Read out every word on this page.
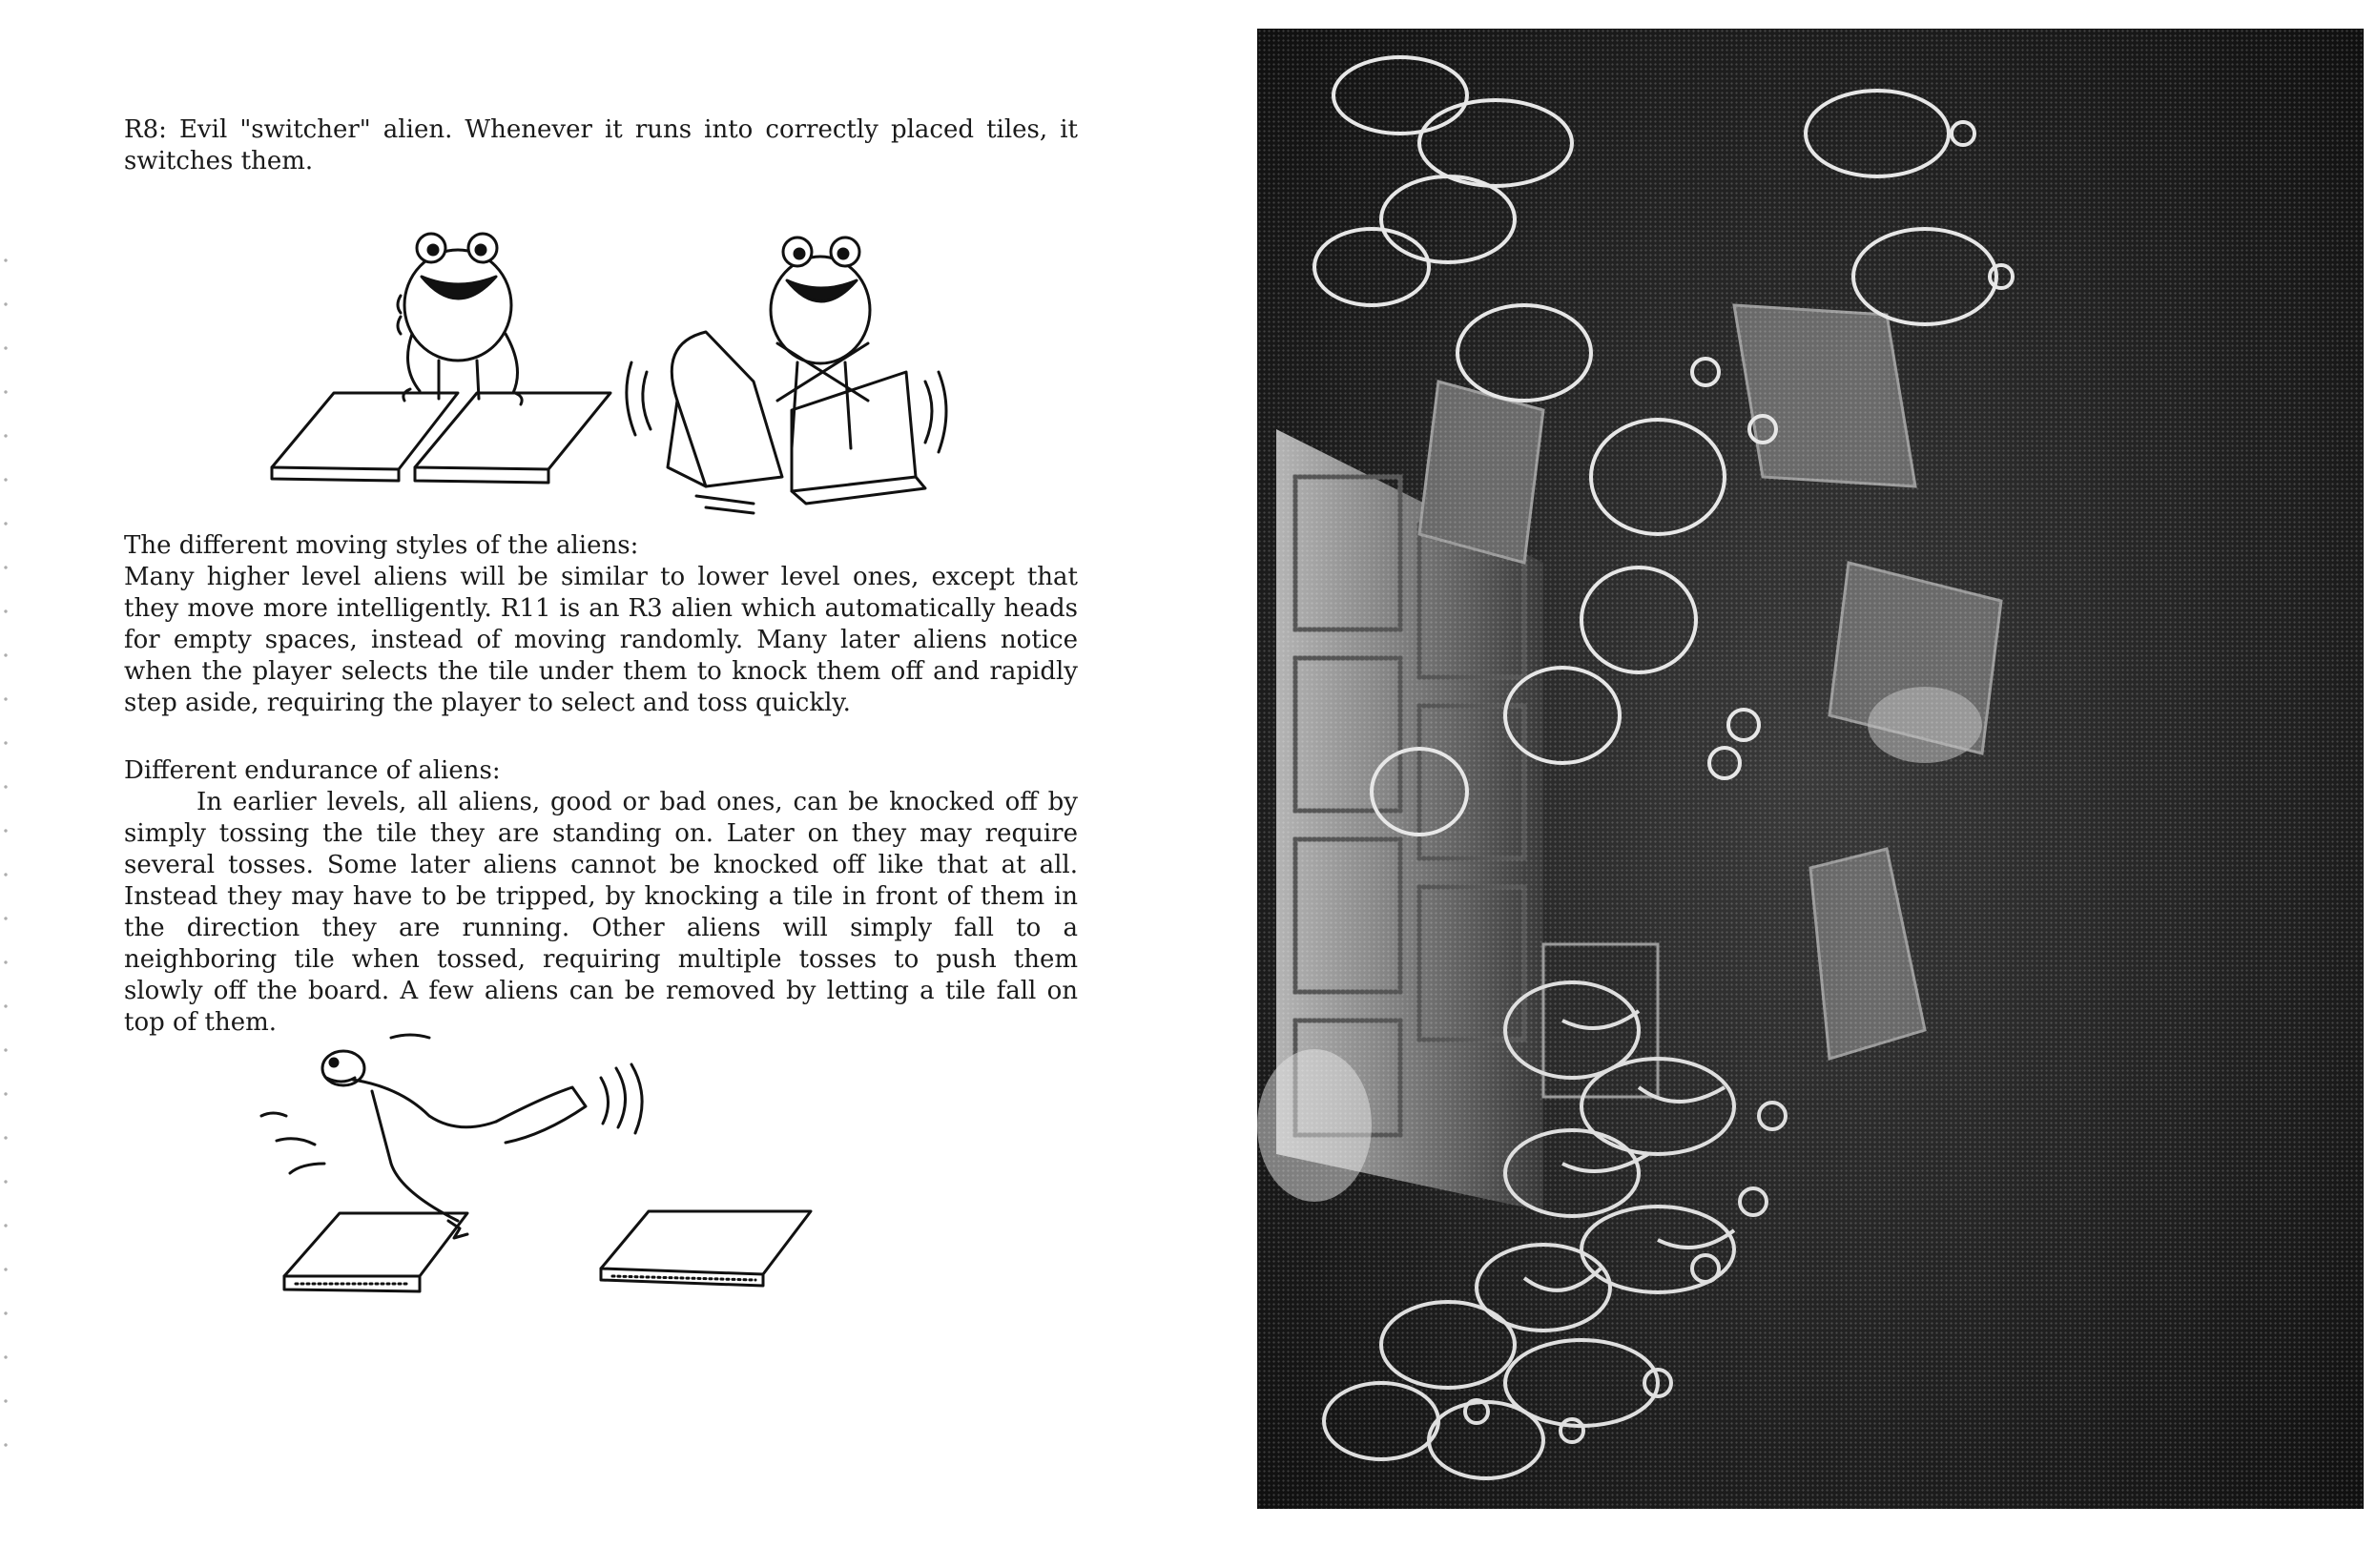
R8: Evil "switcher" alien. Whenever it runs into correctly placed tiles, it switches them.

The different moving styles of the aliens:

Many higher level aliens will be similar to lower level ones, except that they move more intelligently. R11 is an R3 alien which automatically heads for empty spaces, instead of moving randomly. Many later aliens notice when the player selects the tile under them to knock them off and rapidly step aside, requiring the player to select and toss quickly.

Different endurance of aliens:

In earlier levels, all aliens, good or bad ones, can be knocked off by simply tossing the tile they are standing on. Later on they may require several tosses. Some later aliens cannot be knocked off like that at all. Instead they may have to be tripped, by knocking a tile in front of them in the direction they are running. Other aliens will simply fall to a neighboring tile when tossed, requiring multiple tosses to push them slowly off the board. A few aliens can be removed by letting a tile fall on top of them.
